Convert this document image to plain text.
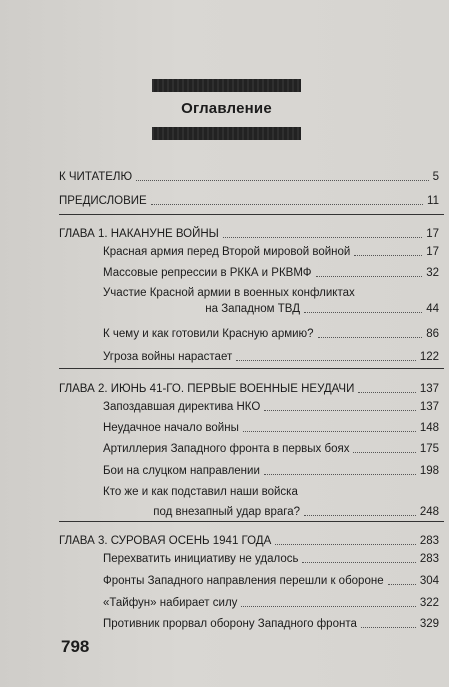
Оглавление
К ЧИТАТЕЛЮ	5
ПРЕДИСЛОВИЕ	11
ГЛАВА 1. НАКАНУНЕ ВОЙНЫ	17
Красная армия перед Второй мировой войной	17
Массовые репрессии в РККА и РКВМФ	32
Участие Красной армии в военных конфликтах
на Западном ТВД	44
К чему и как готовили Красную армию?	86
Угроза войны нарастает	122
ГЛАВА 2. ИЮНЬ 41-ГО. ПЕРВЫЕ ВОЕННЫЕ НЕУДАЧИ	137
Запоздавшая директива НКО	137
Неудачное начало войны	148
Артиллерия Западного фронта в первых боях	175
Бои на слуцком направлении	198
Кто же и как подставил наши войска
под внезапный удар врага?	248
ГЛАВА 3. СУРОВАЯ ОСЕНЬ 1941 ГОДА	283
Перехватить инициативу не удалось	283
Фронты Западного направления перешли к обороне	304
«Тайфун» набирает силу	322
Противник прорвал оборону Западного фронта	329
798
